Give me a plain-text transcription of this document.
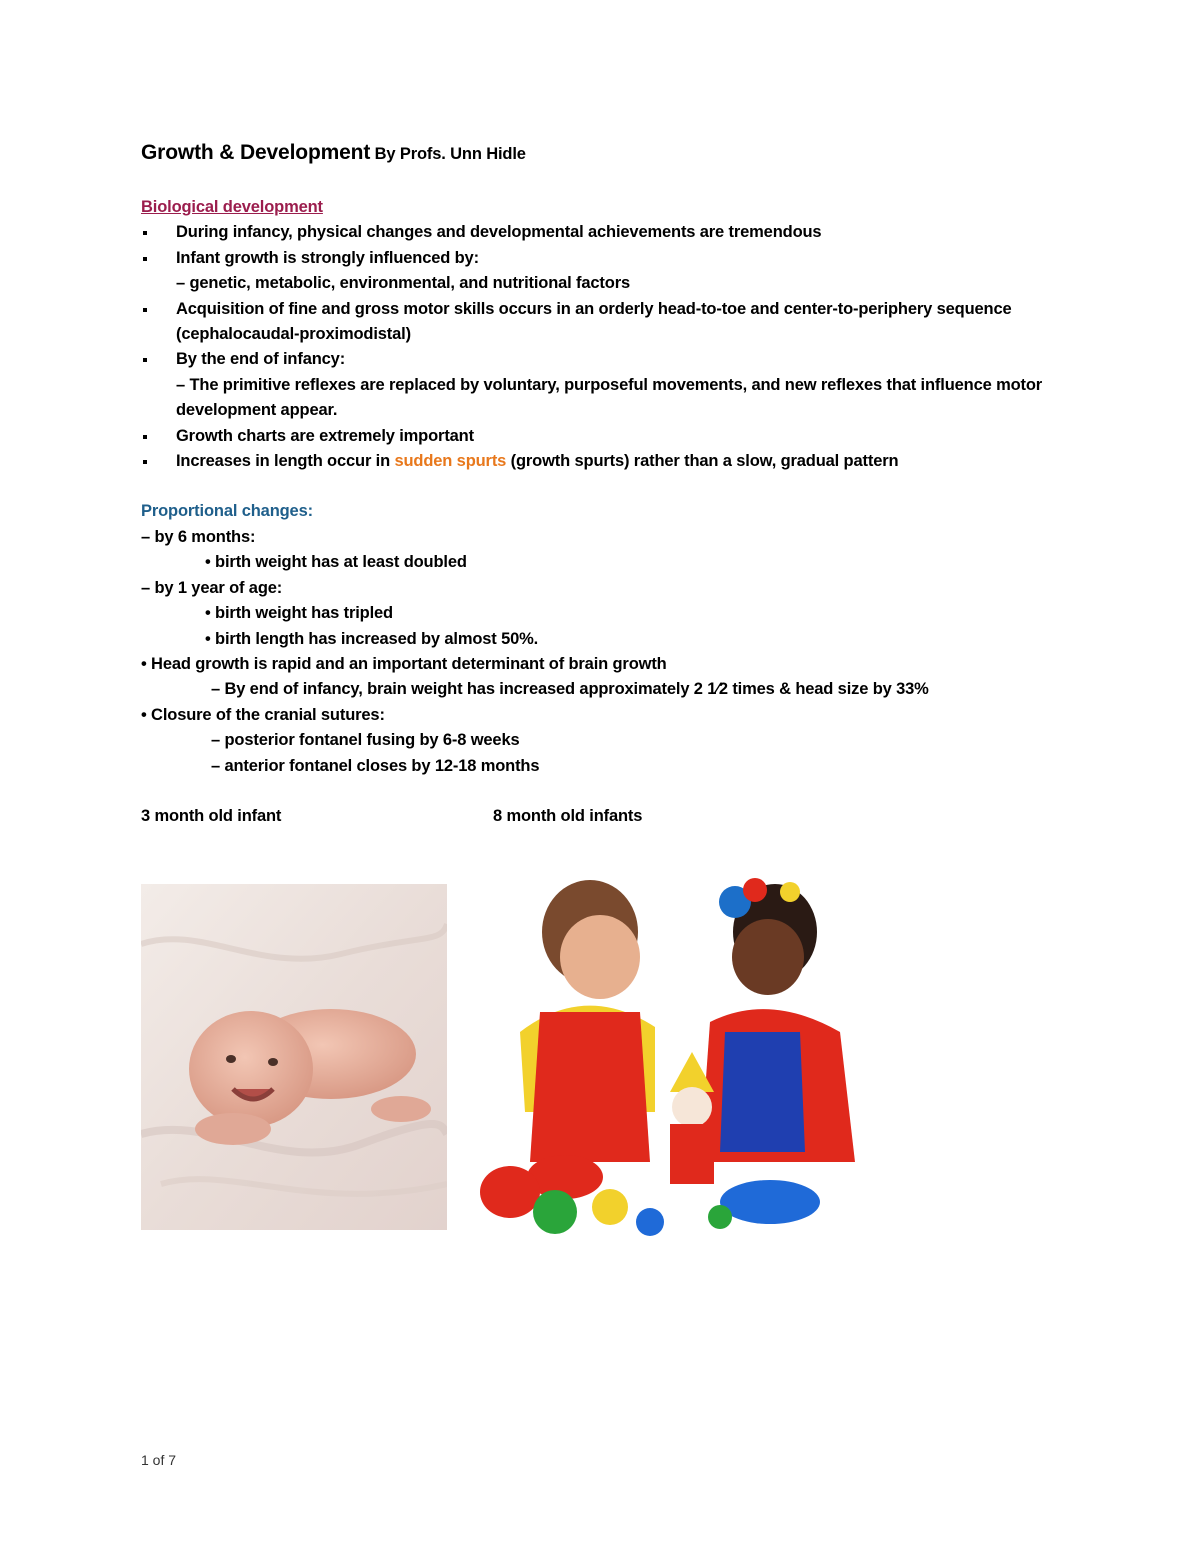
Growth & Development By Profs. Unn Hidle
Biological development
During infancy, physical changes and developmental achievements are tremendous
Infant growth is strongly influenced by:
– genetic, metabolic, environmental, and nutritional factors
Acquisition of fine and gross motor skills occurs in an orderly head-to-toe and center-to-periphery sequence
(cephalocaudal-proximodistal)
By the end of infancy:
– The primitive reflexes are replaced by voluntary, purposeful movements, and new reflexes that influence motor development appear.
Growth charts are extremely important
Increases in length occur in sudden spurts (growth spurts) rather than a slow, gradual pattern
Proportional changes:
– by 6 months:
• birth weight has at least doubled
– by 1 year of age:
• birth weight has tripled
• birth length has increased by almost 50%.
• Head growth is rapid and an important determinant of brain growth
– By end of infancy, brain weight has increased approximately 2 1⁄2 times & head size by 33%
• Closure of the cranial sutures:
– posterior fontanel fusing by 6-8 weeks
– anterior fontanel closes by 12-18 months
3 month old infant	8 month old infants
1 of 7
